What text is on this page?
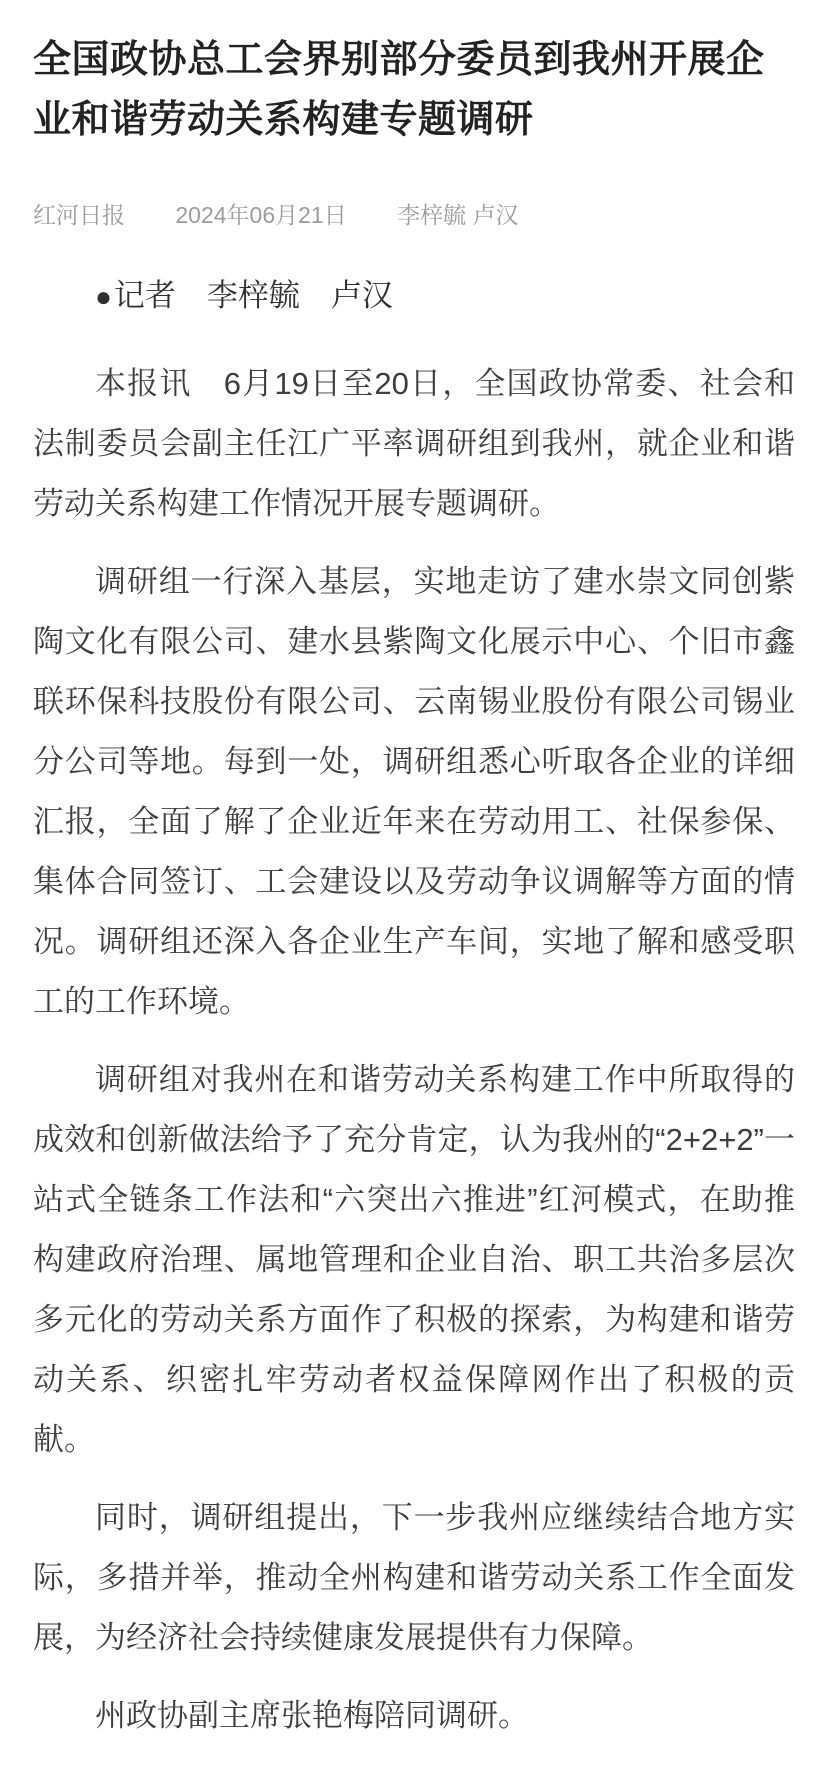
全国政协总工会界别部分委员到我州开展企业和谐劳动关系构建专题调研
红河日报 2024年06月21日 李梓毓 卢汉
●记者　李梓毓　卢汉

本报讯　6月19日至20日，全国政协常委、社会和法制委员会副主任江广平率调研组到我州，就企业和谐劳动关系构建工作情况开展专题调研。

调研组一行深入基层，实地走访了建水崇文同创紫陶文化有限公司、建水县紫陶文化展示中心、个旧市鑫联环保科技股份有限公司、云南锡业股份有限公司锡业分公司等地。每到一处，调研组悉心听取各企业的详细汇报，全面了解了企业近年来在劳动用工、社保参保、集体合同签订、工会建设以及劳动争议调解等方面的情况。调研组还深入各企业生产车间，实地了解和感受职工的工作环境。

调研组对我州在和谐劳动关系构建工作中所取得的成效和创新做法给予了充分肯定，认为我州的“2+2+2”一站式全链条工作法和“六突出六推进”红河模式，在助推构建政府治理、属地管理和企业自治、职工共治多层次多元化的劳动关系方面作了积极的探索，为构建和谐劳动关系、织密扎牢劳动者权益保障网作出了积极的贡献。

同时，调研组提出，下一步我州应继续结合地方实际，多措并举，推动全州构建和谐劳动关系工作全面发展，为经济社会持续健康发展提供有力保障。

州政协副主席张艳梅陪同调研。
